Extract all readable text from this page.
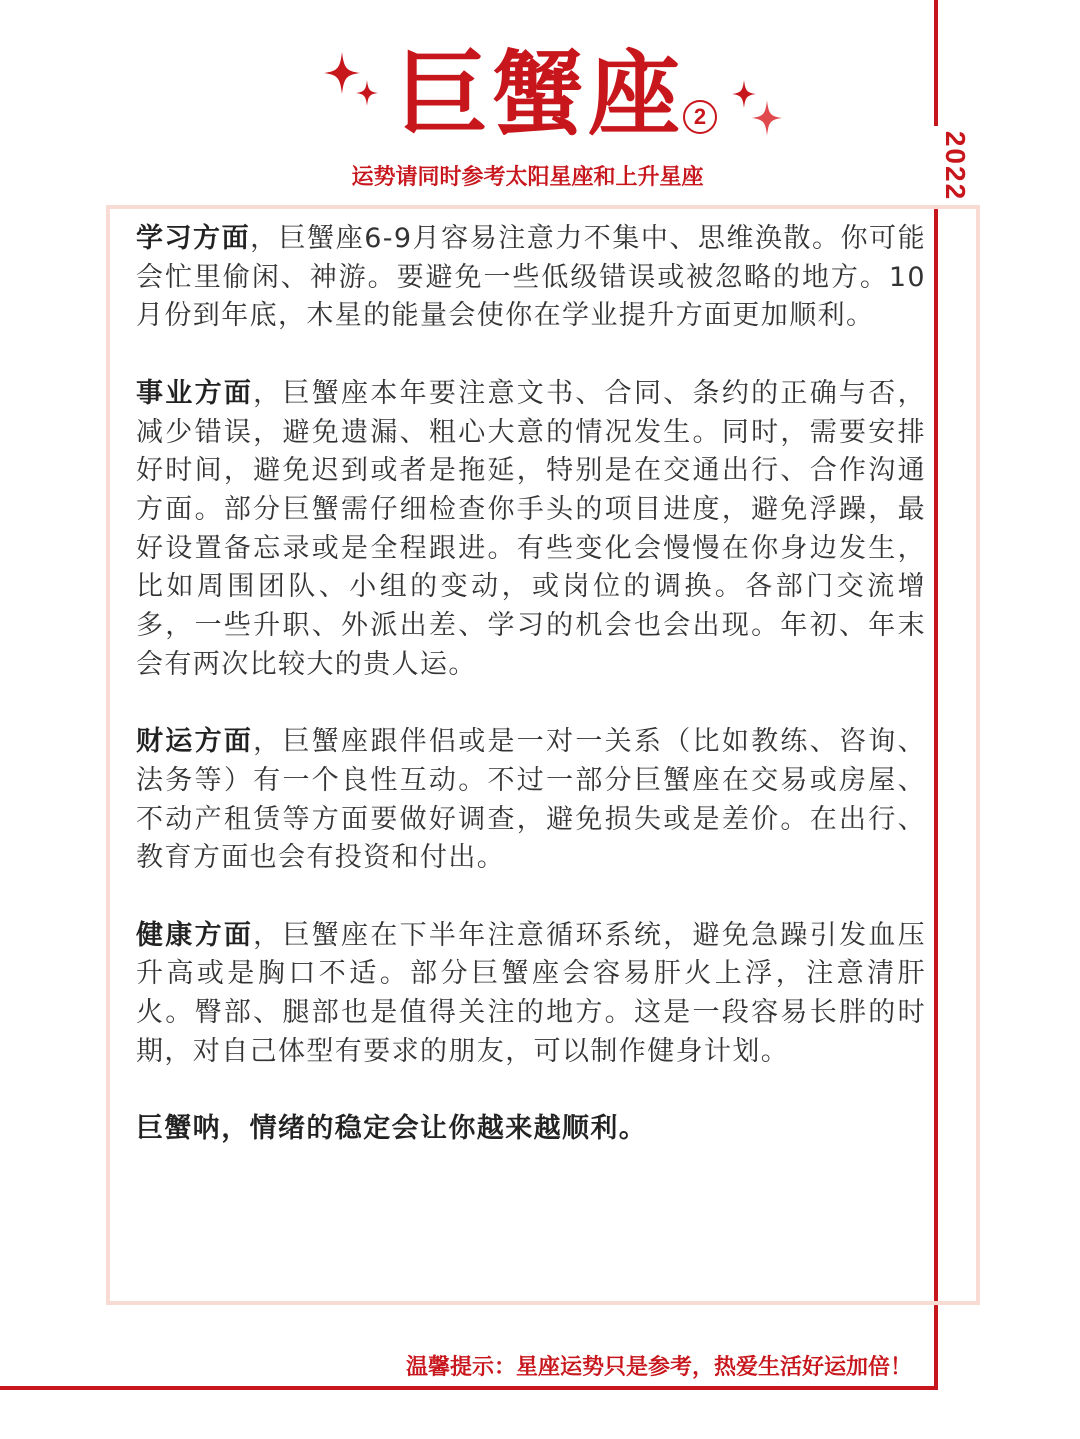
2022
巨蟹座 2
运势请同时参考太阳星座和上升星座

学习方面，巨蟹座6-9月容易注意力不集中、思维涣散。你可能会忙里偷闲、神游。要避免一些低级错误或被忽略的地方。10月份到年底，木星的能量会使你在学业提升方面更加顺利。

事业方面，巨蟹座本年要注意文书、合同、条约的正确与否，减少错误，避免遗漏、粗心大意的情况发生。同时，需要安排好时间，避免迟到或者是拖延，特别是在交通出行、合作沟通方面。部分巨蟹需仔细检查你手头的项目进度，避免浮躁，最好设置备忘录或是全程跟进。有些变化会慢慢在你身边发生，比如周围团队、小组的变动，或岗位的调换。各部门交流增多，一些升职、外派出差、学习的机会也会出现。年初、年末会有两次比较大的贵人运。

财运方面，巨蟹座跟伴侣或是一对一关系（比如教练、咨询、法务等）有一个良性互动。不过一部分巨蟹座在交易或房屋、不动产租赁等方面要做好调查，避免损失或是差价。在出行、教育方面也会有投资和付出。

健康方面，巨蟹座在下半年注意循环系统，避免急躁引发血压升高或是胸口不适。部分巨蟹座会容易肝火上浮，注意清肝火。臀部、腿部也是值得关注的地方。这是一段容易长胖的时期，对自己体型有要求的朋友，可以制作健身计划。

巨蟹呐，情绪的稳定会让你越来越顺利。

温馨提示：星座运势只是参考，热爱生活好运加倍！
